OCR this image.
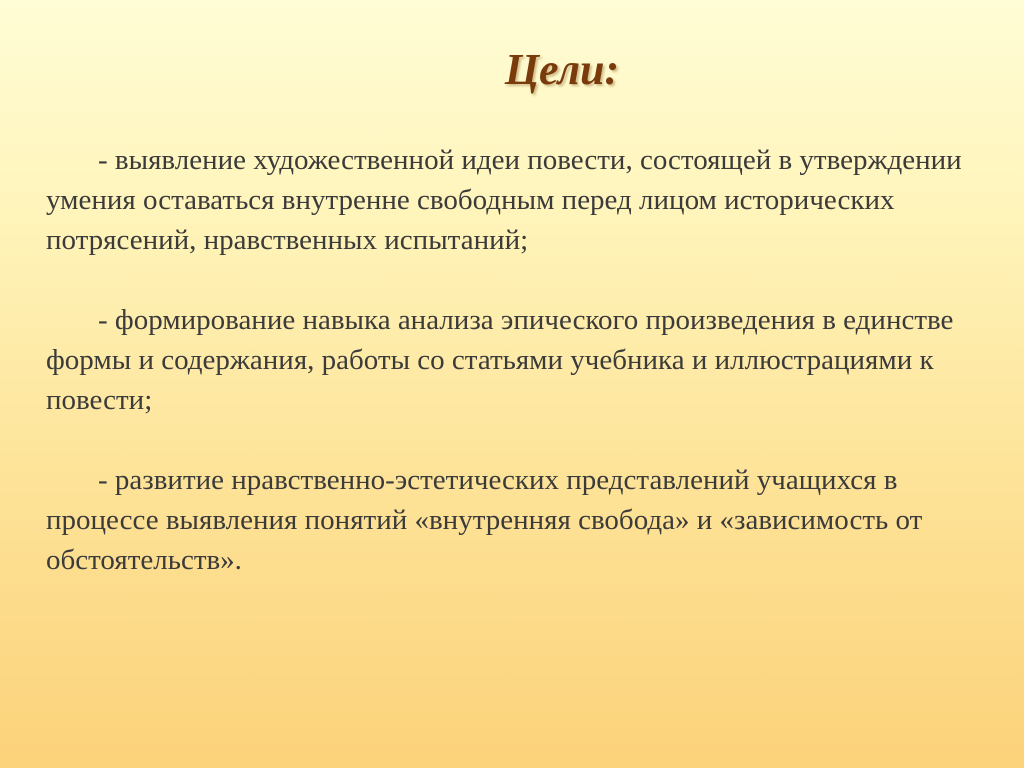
Цели:

- выявление художественной идеи повести, состоящей в утверждении умения оставаться внутренне свободным перед лицом исторических потрясений, нравственных испытаний;

- формирование навыка анализа эпического произведения в единстве формы и содержания, работы со статьями учебника и иллюстрациями к повести;

- развитие нравственно-эстетических представлений учащихся в процессе выявления понятий «внутренняя свобода» и «зависимость от обстоятельств».
